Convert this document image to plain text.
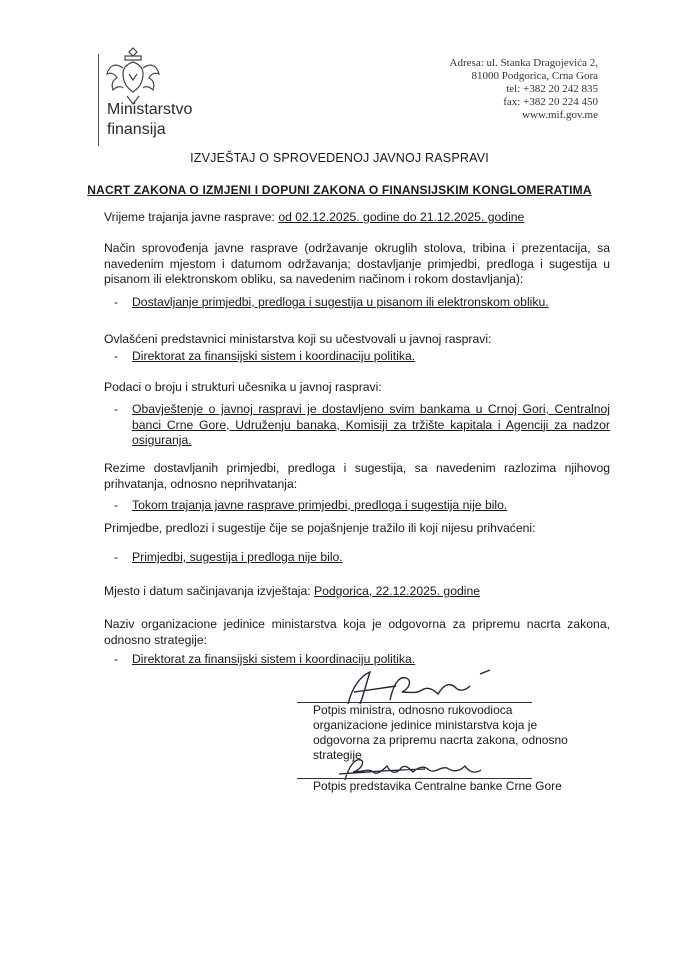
Ministarstvo
finansija
Adresa: ul. Stanka Dragojevića 2,
81000 Podgorica, Crna Gora
tel: +382 20 242 835
fax: +382 20 224 450
www.mif.gov.me
IZVJEŠTAJ O SPROVEDENOJ JAVNOJ RASPRAVI
NACRT ZAKONA O IZMJENI I DOPUNI ZAKONA O FINANSIJSKIM KONGLOMERATIMA
Vrijeme trajanja javne rasprave: od 02.12.2025. godine do 21.12.2025. godine
Način sprovođenja javne rasprave (održavanje okruglih stolova, tribina i prezentacija, sa navedenim mjestom i datumom održavanja; dostavljanje primjedbi, predloga i sugestija u pisanom ili elektronskom obliku, sa navedenim načinom i rokom dostavljanja):
-	Dostavljanje primjedbi, predloga i sugestija u pisanom ili elektronskom obliku.
Ovlašćeni predstavnici ministarstva koji su učestvovali u javnoj raspravi:
-	Direktorat za finansijski sistem i koordinaciju politika.
Podaci o broju i strukturi učesnika u javnoj raspravi:
-	Obavještenje o javnoj raspravi je dostavljeno svim bankama u Crnoj Gori, Centralnoj banci Crne Gore, Udruženju banaka, Komisiji za tržište kapitala i Agenciji za nadzor osiguranja.
Rezime dostavljanih primjedbi, predloga i sugestija, sa navedenim razlozima njihovog prihvatanja, odnosno neprihvatanja:
-	Tokom trajanja javne rasprave primjedbi, predloga i sugestija nije bilo.
Primjedbe, predlozi i sugestije čije se pojašnjenje tražilo ili koji nijesu prihvaćeni:
-	Primjedbi, sugestija i predloga nije bilo.
Mjesto i datum sačinjavanja izvještaja: Podgorica, 22.12.2025. godine
Naziv organizacione jedinice ministarstva koja je odgovorna za pripremu nacrta zakona, odnosno strategije:
-	Direktorat za finansijski sistem i koordinaciju politika.
Potpis ministra, odnosno rukovodioca organizacione jedinice ministarstva koja je odgovorna za pripremu nacrta zakona, odnosno strategije
Potpis predstavika Centralne banke Crne Gore
